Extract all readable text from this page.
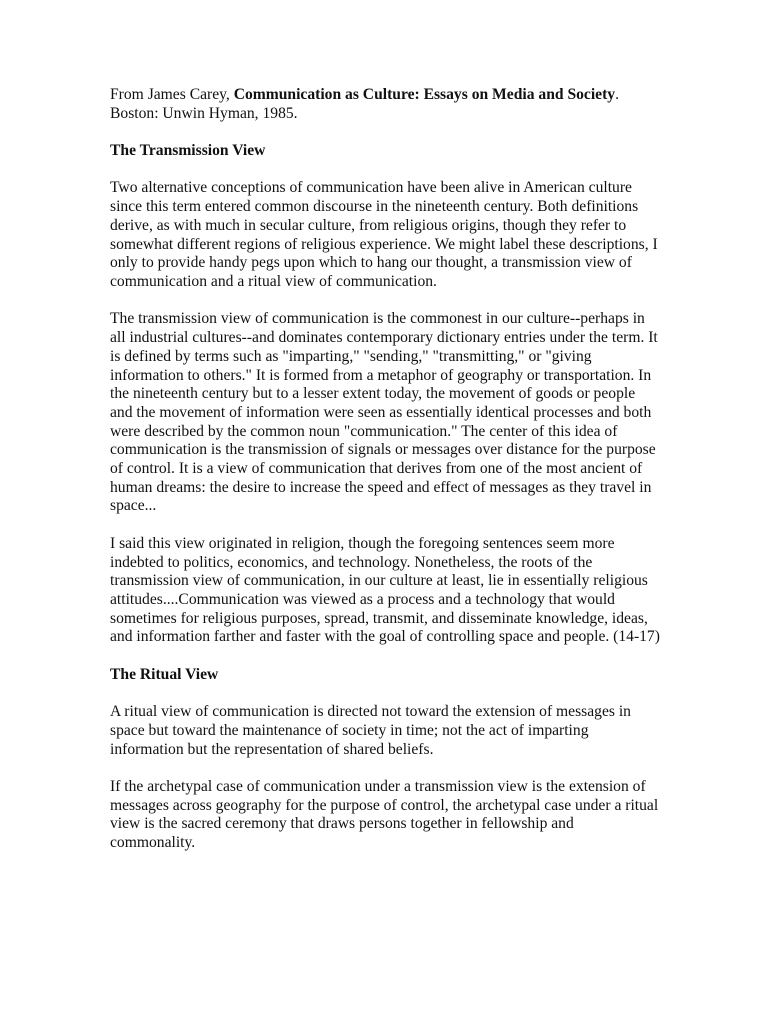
From James Carey, Communication as Culture: Essays on Media and Society. Boston: Unwin Hyman, 1985.

The Transmission View

Two alternative conceptions of communication have been alive in American culture since this term entered common discourse in the nineteenth century. Both definitions derive, as with much in secular culture, from religious origins, though they refer to somewhat different regions of religious experience. We might label these descriptions, I only to provide handy pegs upon which to hang our thought, a transmission view of communication and a ritual view of communication.

The transmission view of communication is the commonest in our culture--perhaps in all industrial cultures--and dominates contemporary dictionary entries under the term. It is defined by terms such as "imparting," "sending," "transmitting," or "giving information to others." It is formed from a metaphor of geography or transportation. In the nineteenth century but to a lesser extent today, the movement of goods or people and the movement of information were seen as essentially identical processes and both were described by the common noun "communication." The center of this idea of communication is the transmission of signals or messages over distance for the purpose of control. It is a view of communication that derives from one of the most ancient of human dreams: the desire to increase the speed and effect of messages as they travel in space...

I said this view originated in religion, though the foregoing sentences seem more indebted to politics, economics, and technology. Nonetheless, the roots of the transmission view of communication, in our culture at least, lie in essentially religious attitudes....Communication was viewed as a process and a technology that would sometimes for religious purposes, spread, transmit, and disseminate knowledge, ideas, and information farther and faster with the goal of controlling space and people. (14-17)

The Ritual View

A ritual view of communication is directed not toward the extension of messages in space but toward the maintenance of society in time; not the act of imparting information but the representation of shared beliefs.

If the archetypal case of communication under a transmission view is the extension of messages across geography for the purpose of control, the archetypal case under a ritual view is the sacred ceremony that draws persons together in fellowship and commonality.
